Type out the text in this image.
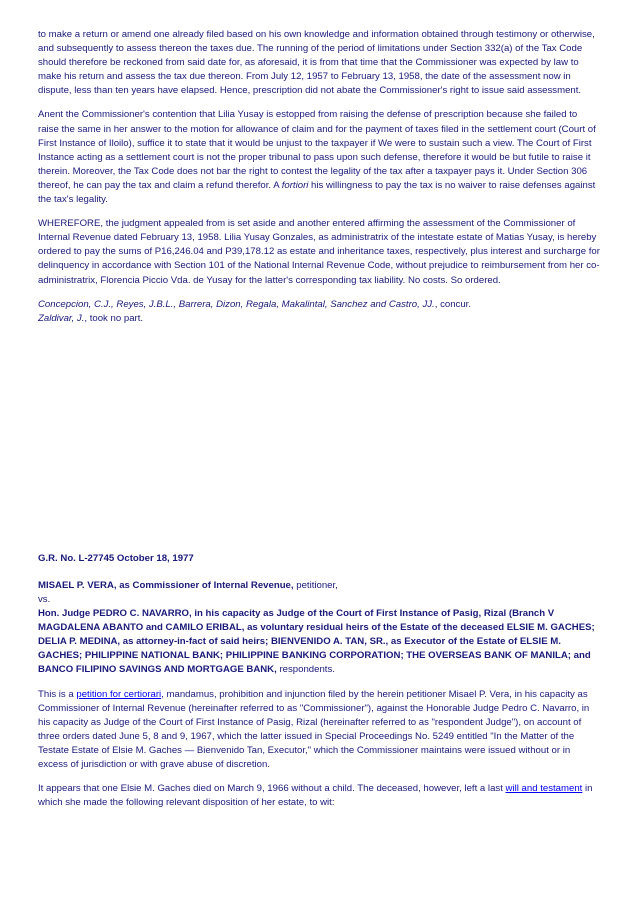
to make a return or amend one already filed based on his own knowledge and information obtained through testimony or otherwise, and subsequently to assess thereon the taxes due. The running of the period of limitations under Section 332(a) of the Tax Code should therefore be reckoned from said date for, as aforesaid, it is from that time that the Commissioner was expected by law to make his return and assess the tax due thereon. From July 12, 1957 to February 13, 1958, the date of the assessment now in dispute, less than ten years have elapsed. Hence, prescription did not abate the Commissioner's right to issue said assessment.

Anent the Commissioner's contention that Lilia Yusay is estopped from raising the defense of prescription because she failed to raise the same in her answer to the motion for allowance of claim and for the payment of taxes filed in the settlement court (Court of First Instance of Iloilo), suffice it to state that it would be unjust to the taxpayer if We were to sustain such a view. The Court of First Instance acting as a settlement court is not the proper tribunal to pass upon such defense, therefore it would be but futile to raise it therein. Moreover, the Tax Code does not bar the right to contest the legality of the tax after a taxpayer pays it. Under Section 306 thereof, he can pay the tax and claim a refund therefor. A fortiori his willingness to pay the tax is no waiver to raise defenses against the tax's legality.

WHEREFORE, the judgment appealed from is set aside and another entered affirming the assessment of the Commissioner of Internal Revenue dated February 13, 1958. Lilia Yusay Gonzales, as administratrix of the intestate estate of Matias Yusay, is hereby ordered to pay the sums of P16,246.04 and P39,178.12 as estate and inheritance taxes, respectively, plus interest and surcharge for delinquency in accordance with Section 101 of the National Internal Revenue Code, without prejudice to reimbursement from her co-administratrix, Florencia Piccio Vda. de Yusay for the latter's corresponding tax liability. No costs. So ordered.

Concepcion, C.J., Reyes, J.B.L., Barrera, Dizon, Regala, Makalintal, Sanchez and Castro, JJ., concur.
Zaldivar, J., took no part.

G.R. No. L-27745 October 18, 1977

MISAEL P. VERA, as Commissioner of Internal Revenue, petitioner,

vs.

Hon. Judge PEDRO C. NAVARRO, in his capacity as Judge of the Court of First Instance of Pasig, Rizal (Branch V MAGDALENA ABANTO and CAMILO ERIBAL, as voluntary residual heirs of the Estate of the deceased ELSIE M. GACHES; DELIA P. MEDINA, as attorney-in-fact of said heirs; BIENVENIDO A. TAN, SR., as Executor of the Estate of ELSIE M. GACHES; PHILIPPINE NATIONAL BANK; PHILIPPINE BANKING CORPORATION; THE OVERSEAS BANK OF MANILA; and BANCO FILIPINO SAVINGS AND MORTGAGE BANK, respondents.

This is a petition for certiorari, mandamus, prohibition and injunction filed by the herein petitioner Misael P. Vera, in his capacity as Commissioner of Internal Revenue (hereinafter referred to as "Commissioner"), against the Honorable Judge Pedro C. Navarro, in his capacity as Judge of the Court of First Instance of Pasig, Rizal (hereinafter referred to as "respondent Judge"), on account of three orders dated June 5, 8 and 9, 1967, which the latter issued in Special Proceedings No. 5249 entitled "In the Matter of the Testate Estate of Elsie M. Gaches — Bienvenido Tan, Executor," which the Commissioner maintains were issued without or in excess of jurisdiction or with grave abuse of discretion.

It appears that one Elsie M. Gaches died on March 9, 1966 without a child. The deceased, however, left a last will and testament in which she made the following relevant disposition of her estate, to wit:
